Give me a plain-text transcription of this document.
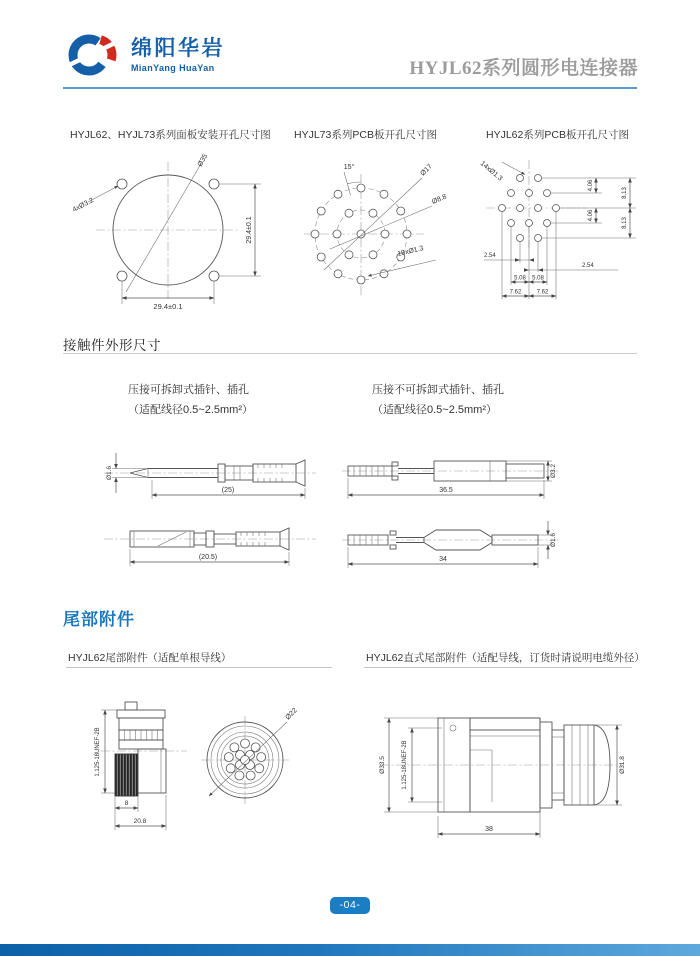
绵阳华岩
MianYang HuaYan	HYJL62系列圆形电连接器
HYJL62、HYJL73系列面板安装开孔尺寸图 HYJL73系列PCB板开孔尺寸图	HYJL62系列PCB板开孔尺寸图
Ø35
4xØ3.2
29.4±0.1
29.4±0.1
15°	Ø17
Ø8.8
19xØ1.3
14xØ1.3
4.06
8.13
4.06
8.13
2.54
2.54
5.08 5.08
7.62	7.62
接触件外形尺寸
压接可拆卸式插针、插孔
（适配线径0.5~2.5mm²）
压接不可拆卸式插针、插孔
（适配线径0.5~2.5mm²）
Ø1.6
(25)
(20.5)
36.5
Ø3.2
34
Ø1.6
尾部附件
HYJL62尾部附件（适配单根导线）	HYJL62直式尾部附件（适配导线，订货时请说明电缆外径）
1.125-18UNEF-2B
8
20.8
Ø22
Ø33.5	1.125-18UNEF-2B	Ø31.8
38
-04-
